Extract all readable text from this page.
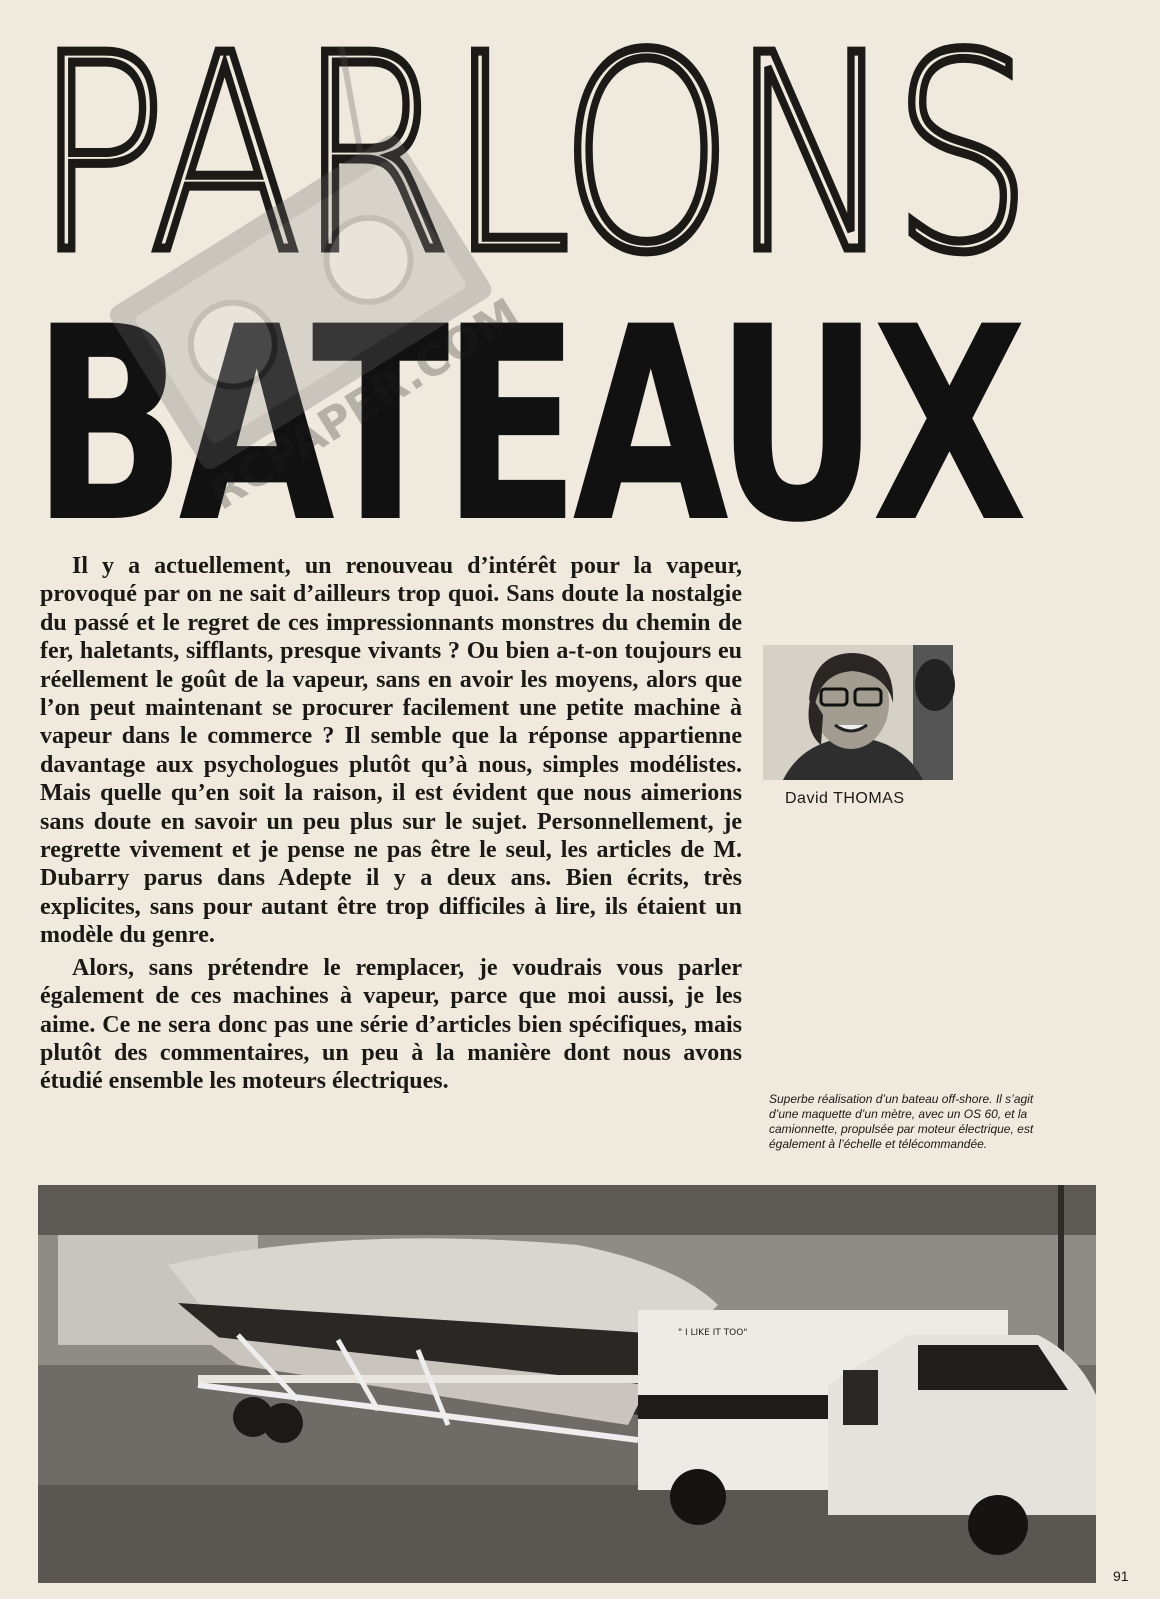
PARLONS
BATEAUX
RCPAPER.COM

Il y a actuellement, un renouveau d’intérêt pour la vapeur, provoqué par on ne sait d’ailleurs trop quoi. Sans doute la nostalgie du passé et le regret de ces impressionnants monstres du chemin de fer, haletants, sifflants, presque vivants ? Ou bien a-t-on toujours eu réellement le goût de la vapeur, sans en avoir les moyens, alors que l’on peut maintenant se procurer facilement une petite machine à vapeur dans le commerce ? Il semble que la réponse appartienne davantage aux psychologues plutôt qu’à nous, simples modélistes. Mais quelle qu’en soit la raison, il est évident que nous aimerions sans doute en savoir un peu plus sur le sujet. Personnellement, je regrette vivement et je pense ne pas être le seul, les articles de M. Dubarry parus dans Adepte il y a deux ans. Bien écrits, très explicites, sans pour autant être trop difficiles à lire, ils étaient un modèle du genre.

Alors, sans prétendre le remplacer, je voudrais vous parler également de ces machines à vapeur, parce que moi aussi, je les aime. Ce ne sera donc pas une série d’articles bien spécifiques, mais plutôt des commentaires, un peu à la manière dont nous avons étudié ensemble les moteurs électriques.

David THOMAS
Superbe réalisation d’un bateau off-shore. Il s’agit d’une maquette d’un mètre, avec un OS 60, et la camionnette, propulsée par moteur électrique, est également à l’échelle et télécommandée.
" I LIKE IT TOO"
91
